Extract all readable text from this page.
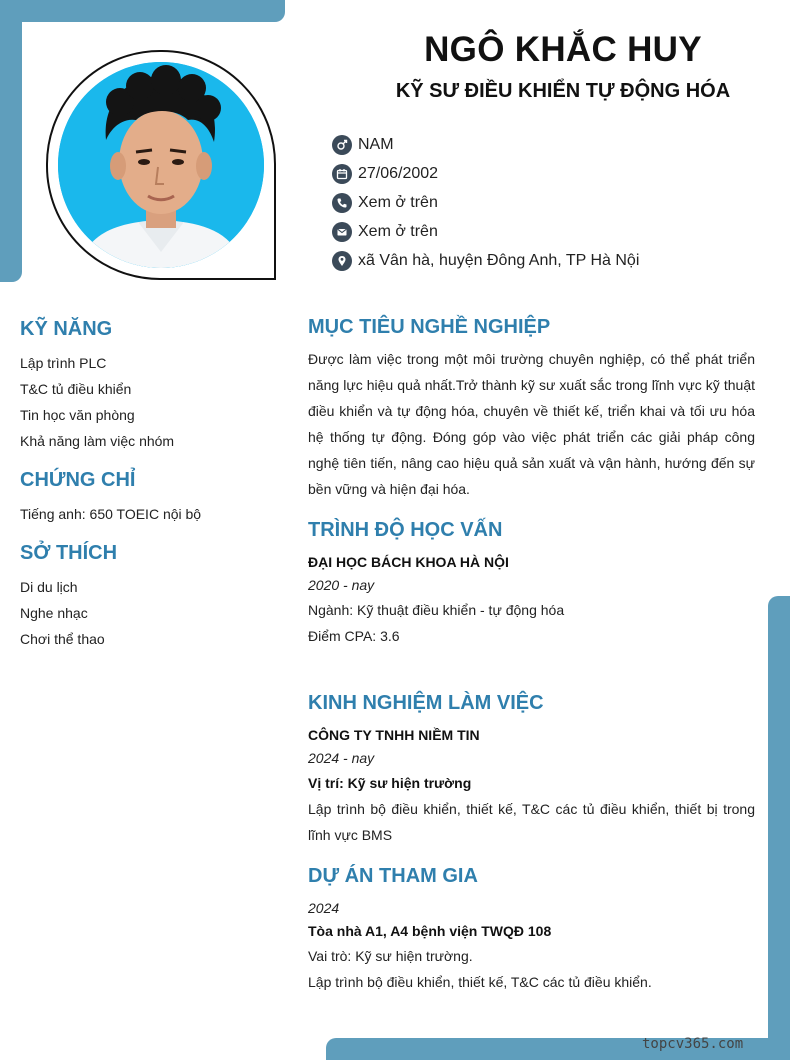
NGÔ KHẮC HUY
KỸ SƯ ĐIỀU KHIỂN TỰ ĐỘNG HÓA
NAM
27/06/2002
Xem ở trên
Xem ở trên
xã Vân hà, huyện Đông Anh, TP Hà Nội
KỸ NĂNG
Lập trình PLC
T&C tủ điều khiển
Tin học văn phòng
Khả năng làm việc nhóm
CHỨNG CHỈ
Tiếng anh: 650 TOEIC nội bộ
SỞ THÍCH
Di du lịch
Nghe nhạc
Chơi thể thao
MỤC TIÊU NGHỀ NGHIỆP

Được làm việc trong một môi trường chuyên nghiệp, có thể phát triển năng lực hiệu quả nhất.Trở thành kỹ sư xuất sắc trong lĩnh vực kỹ thuật điều khiển và tự động hóa, chuyên về thiết kế, triển khai và tối ưu hóa hệ thống tự động. Đóng góp vào việc phát triển các giải pháp công nghệ tiên tiến, nâng cao hiệu quả sản xuất và vận hành, hướng đến sự bền vững và hiện đại hóa.

TRÌNH ĐỘ HỌC VẤN

ĐẠI HỌC BÁCH KHOA HÀ NỘI

2020 - nay

Ngành: Kỹ thuật điều khiển - tự động hóa

Điểm CPA: 3.6

KINH NGHIỆM LÀM VIỆC

CÔNG TY TNHH NIỀM TIN

2024 - nay

Vị trí: Kỹ sư hiện trường

Lập trình bộ điều khiển, thiết kế, T&C các tủ điều khiển, thiết bị trong lĩnh vực BMS

DỰ ÁN THAM GIA

2024

Tòa nhà A1, A4 bệnh viện TWQĐ 108

Vai trò: Kỹ sư hiện trường.

Lập trình bộ điều khiển, thiết kế, T&C các tủ điều khiển.

topcv365.com
